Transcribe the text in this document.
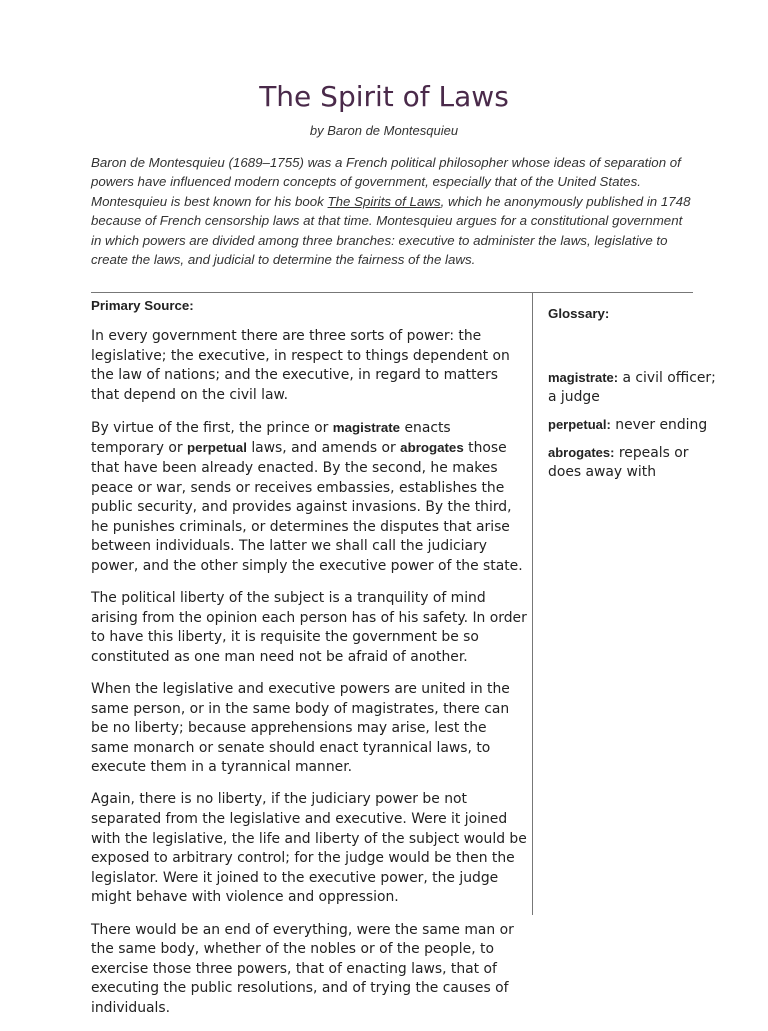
The Spirit of Laws
by Baron de Montesquieu

Baron de Montesquieu (1689–1755) was a French political philosopher whose ideas of separation of powers have influenced modern concepts of government, especially that of the United States. Montesquieu is best known for his book The Spirits of Laws, which he anonymously published in 1748 because of French censorship laws at that time. Montesquieu argues for a constitutional government in which powers are divided among three branches: executive to administer the laws, legislative to create the laws, and judicial to determine the fairness of the laws.

Primary Source:

In every government there are three sorts of power: the legislative; the executive, in respect to things dependent on the law of nations; and the executive, in regard to matters that depend on the civil law.

By virtue of the first, the prince or magistrate enacts temporary or perpetual laws, and amends or abrogates those that have been already enacted. By the second, he makes peace or war, sends or receives embassies, establishes the public security, and provides against invasions. By the third, he punishes criminals, or determines the disputes that arise between individuals. The latter we shall call the judiciary power, and the other simply the executive power of the state.

The political liberty of the subject is a tranquility of mind arising from the opinion each person has of his safety. In order to have this liberty, it is requisite the government be so constituted as one man need not be afraid of another.

When the legislative and executive powers are united in the same person, or in the same body of magistrates, there can be no liberty; because apprehensions may arise, lest the same monarch or senate should enact tyrannical laws, to execute them in a tyrannical manner.

Again, there is no liberty, if the judiciary power be not separated from the legislative and executive. Were it joined with the legislative, the life and liberty of the subject would be exposed to arbitrary control; for the judge would be then the legislator. Were it joined to the executive power, the judge might behave with violence and oppression.

There would be an end of everything, were the same man or the same body, whether of the nobles or of the people, to exercise those three powers, that of enacting laws, that of executing the public resolutions, and of trying the causes of individuals.

Glossary:
magistrate: a civil officer; a judge
perpetual: never ending
abrogates: repeals or does away with
